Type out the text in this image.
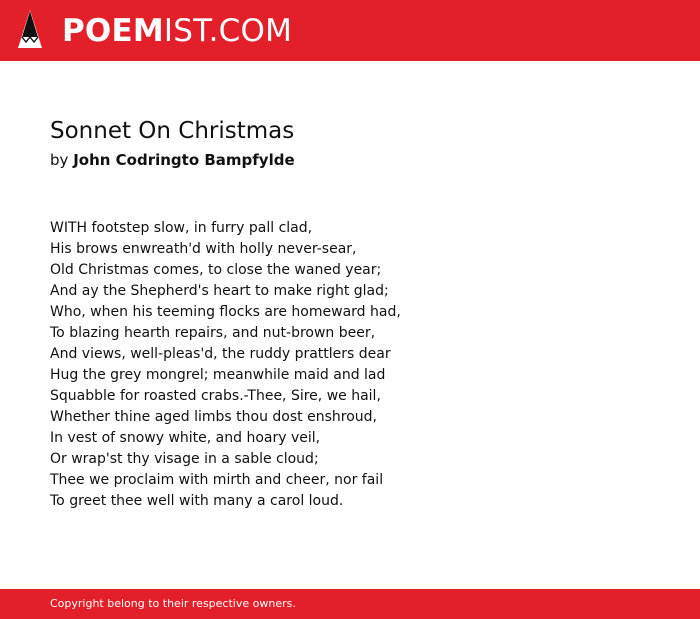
POEMIST.COM
Sonnet On Christmas
by John Codringto Bampfylde
WITH footstep slow, in furry pall clad,
His brows enwreath'd with holly never-sear,
Old Christmas comes, to close the waned year;
And ay the Shepherd's heart to make right glad;
Who, when his teeming flocks are homeward had,
To blazing hearth repairs, and nut-brown beer,
And views, well-pleas'd, the ruddy prattlers dear
Hug the grey mongrel; meanwhile maid and lad
Squabble for roasted crabs.-Thee, Sire, we hail,
Whether thine aged limbs thou dost enshroud,
In vest of snowy white, and hoary veil,
Or wrap'st thy visage in a sable cloud;
Thee we proclaim with mirth and cheer, nor fail
To greet thee well with many a carol loud.
Copyright belong to their respective owners.
